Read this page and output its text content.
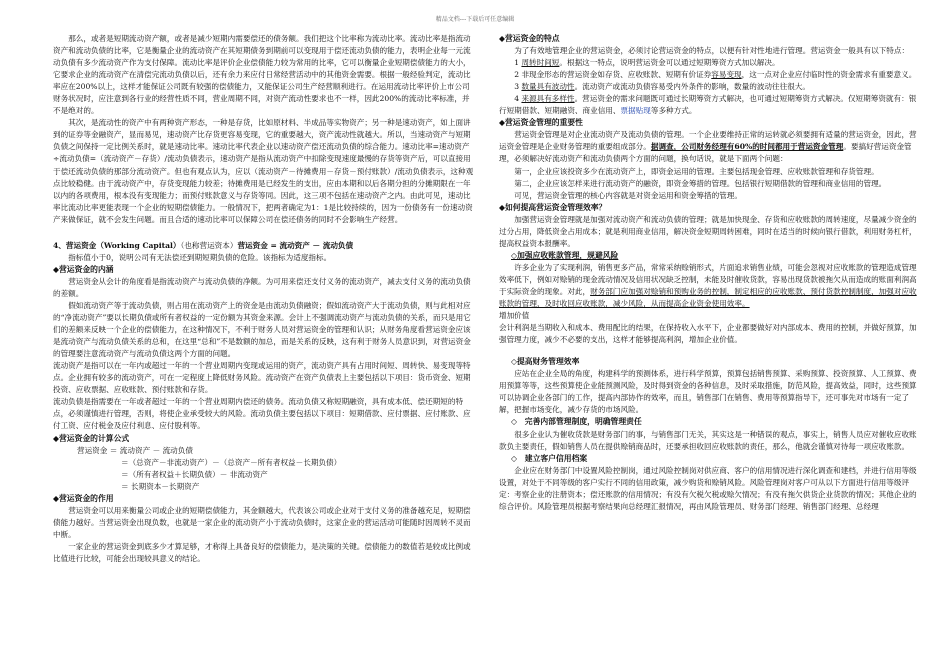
精品文档---下载后可任意编辑

那么，或者是短期流动资产额，或者是减少短期内需要偿还的债务额。我们把这个比率称为流动比率。流动比率是指流动资产和流动负债的比率，它是衡量企业的流动资产在其短期债务到期前可以变现用于偿还流动负债的能力，表明企业每一元流动负债有多少流动资产作为支付保障。流动比率是评价企业偿债能力较为常用的比率，它可以衡量企业短期偿债能力的大小，它要求企业的流动资产在清偿完流动负债以后，还有余力来应付日常经营活动中的其他资金需要。根据一般经验判定，流动比率应在200%以上，这样才能保证公司既有较强的偿债能力，又能保证公司生产经营顺利进行。在运用流动比率评价上市公司财务状况时，应注意到各行业的经营性质不同，营业周期不同，对资产流动性要求也不一样，因此200%的流动比率标准，并不是绝对的。

其次，是流动性的资产中有两种资产形态，一种是存货，比如原材料、半成品等实物资产；另一种是速动资产，如上面讲到的证券等金融资产，显而易见，速动资产比存货更容易变现，它的重要越大，资产流动性就越大。所以，当速动资产与短期负债之间保持一定比例关系时，就是速动比率。速动比率代表企业以速动资产偿还流动负债的综合能力。速动比率=速动资产÷流动负债=（流动资产－存货）/流动负债表示，速动资产是指从流动资产中扣除变现速度最慢的存货等资产后，可以直接用于偿还流动负债的那部分流动资产。但也有观点认为，应以（流动资产－待摊费用－存货－预付账款）/流动负债表示，这种观点比较稳健。由于流动资产中，存货变现能力较差；待摊费用是已经发生的支出，应由本期和以后各期分担的分摊期限在一年以内的各项费用，根本没有变现能力；而预付账款意义与存货等同。因此，这三项不包括在速动资产之内。由此可见，速动比率比流动比率更能表现一个企业的短期偿债能力。一般情况下，把两者确定为1：1是比较持续的，因为一份债务有一份速动资产来做保证，就不会发生问题。而且合适的速动比率可以保障公司在偿还债务的同时不会影响生产经营。

4、营运资金（Working Capital）（也称营运资本）营运资金 = 流动资产 － 流动负债

指标值小于0，说明公司有无法偿还到期短期负债的危险。该指标为适度指标。

◆营运资金的内涵

营运资金从会计的角度看是指流动资产与流动负债的净额。为可用来偿还支付义务的流动资产，减去支付义务的流动负债的差额。

假如流动资产等于流动负债，则占用在流动资产上的资金是由流动负债融资；假如流动资产大于流动负债，则与此相对应的“净流动资产”要以长期负债或所有者权益的一定份额为其资金来源。会计上不强调流动资产与流动负债的关系，而只是用它们的差额来反映一个企业的偿债能力，在这种情况下，不利于财务人员对营运资金的管理和认识；从财务角度看营运资金应该是流动资产与流动负债关系的总和，在这里“总和”不是数额的加总，而是关系的反映，这有利于财务人员意识到，对营运资金的管理要注意流动资产与流动负债这两个方面的问题。

流动资产是指可以在一年内或超过一年的一个营业周期内变现或运用的资产，流动资产具有占用时间短、周转快、易变现等特点。企业拥有较多的流动资产，可在一定程度上降低财务风险。流动资产在资产负债表上主要包括以下项目：货币资金、短期投资、应收票据、应收账款、预付账款和存货。

流动负债是指需要在一年或者超过一年的一个营业周期内偿还的债务。流动负债又称短期融资，具有成本低、偿还期短的特点，必须谨慎进行管理，否则，将使企业承受较大的风险。流动负债主要包括以下项目：短期借款、应付票据、应付账款、应付工资、应付税金及应付利息、应付股利等。

◆营运资金的计算公式
营运资金 ＝ 流动资产 － 流动负债
＝（总资产－非流动资产）－（总资产－所有者权益－长期负债）
＝（所有者权益＋长期负债）－ 非流动资产
＝ 长期资本－长期资产
◆营运资金的作用

营运资金可以用来衡量公司或企业的短期偿债能力，其金额越大，代表该公司或企业对于支付义务的准备越充足，短期偿债能力越好。当营运资金出现负数，也就是一家企业的流动资产小于流动负债时，这家企业的营运活动可能随时因周转不灵而中断。

一家企业的营运资金到底多少才算足够，才称得上具备良好的偿债能力，是决策的关键。偿债能力的数值若是较成比例或比值进行比较，可能会出现较具意义的结论。

◆营运资金的特点

为了有效地管理企业的营运资金，必须讨论营运资金的特点，以便有针对性地进行管理。营运资金一般具有以下特点：

1 周转时间短。根据这一特点，说明营运资金可以通过短期筹资方式加以解决。

2 非现金形态的营运资金如存货、应收账款、短期有价证券容易变现，这一点对企业应付临时性的资金需求有重要意义。

3 数量具有波动性。流动资产或流动负债容易受内外条件的影响，数量的波动往往很大。

4 来源具有多样性。营运资金的需求问题既可通过长期筹资方式解决，也可通过短期筹资方式解决。仅短期筹资就有：银行短期借款、短期融资、商业信用、票据贴现等多种方式。

◆营运资金管理的重要性

营运资金管理是对企业流动资产及流动负债的管理。一个企业要维持正常的运转就必须要拥有适量的营运资金，因此，营运资金管理是企业财务管理的重要组成部分。据调查，公司财务经理有60%的时间都用于营运资金管理。要搞好营运资金管理，必须解决好流动资产和流动负债两个方面的问题，换句话说，就是下面两个问题：

第一，企业应该投资多少在流动资产上，即资金运用的管理。主要包括现金管理、应收账款管理和存货管理。

第二，企业应该怎样来进行流动资产的融资，即资金筹措的管理。包括银行短期借款的管理和商业信用的管理。

可见，营运资金管理的核心内容就是对资金运用和资金筹措的管理。

◆如何提高营运资金管理效率？

加强营运资金管理就是加强对流动资产和流动负债的管理；就是加快现金、存货和应收账款的周转速度，尽量减少资金的过分占用，降低资金占用成本；就是利用商业信用，解决资金短期周转困难，同时在适当的时候向银行借款，利用财务杠杆，提高权益资本报酬率。

◇加强应收账款管理，规避风险

许多企业为了实现利润，销售更多产品，常常采纳赊销形式，片面追求销售业绩，可能会忽视对应收账款的管理造成管理效率低下，例如对赊销的现金流动情况及信用状况缺乏控制，未能及时催收货款，容易出现货款被拖欠从而造成的账面利润高于实际资金的现象。对此，财务部门应加强对赊销和预购业务的控制，制定相应的应收账款、预付货款控制制度，加强对应收账款的管理，及时收回应收账款，减少风险，从而提高企业资金使用效率。

增加价值

会计利润是当期收入和成本、费用配比的结果，在保持收入水平下，企业都要做好对内部成本、费用的控制，并做好预算，加强管理力度，减少不必要的支出，这样才能够提高利润，增加企业价值。

◇提高财务管理效率

应站在企业全局的角度，构建科学的预测体系，进行科学预算，预算包括销售预算、采购预算、投资预算、人工预算、费用预算等等，这些预算使企业能预测风险，及时得到资金的各种信息，及时采取措施，防范风险，提高效益，同时，这些预算可以协调企业各部门的工作，提高内部协作的效率，而且，销售部门在销售、费用等预算指导下，还可事先对市场有一定了解，把握市场变化，减少存货的市场风险。

◇　完善内部管理制度，明确管理责任

很多企业认为催收货款是财务部门的事，与销售部门无关，其实这是一种错误的观点，事实上，销售人员应对催收应收账款负主要责任，假如销售人员在提供赊销商品时，还要承担收回应收账款的责任，那么，他就会谨慎对待每一项应收账款。

◇　建立客户信用档案

企业应在财务部门中设置风险控制岗，通过风险控制岗对供应商、客户的信用情况进行深化调查和建档，并进行信用等级设置，对处于不同等级的客户实行不同的信用政策，减少购货和赊销风险。风险管理岗对客户可从以下方面进行信用等级评定：考察企业的注册资本；偿还账款的信用情况；有没有欠税欠税或赊欠情况；有没有拖欠供货企业货款的情况；其他企业的综合评价。风险管理员根据考察结果向总经理汇报情况，再由风险管理员、财务部门经理、销售部门经理、总经理
